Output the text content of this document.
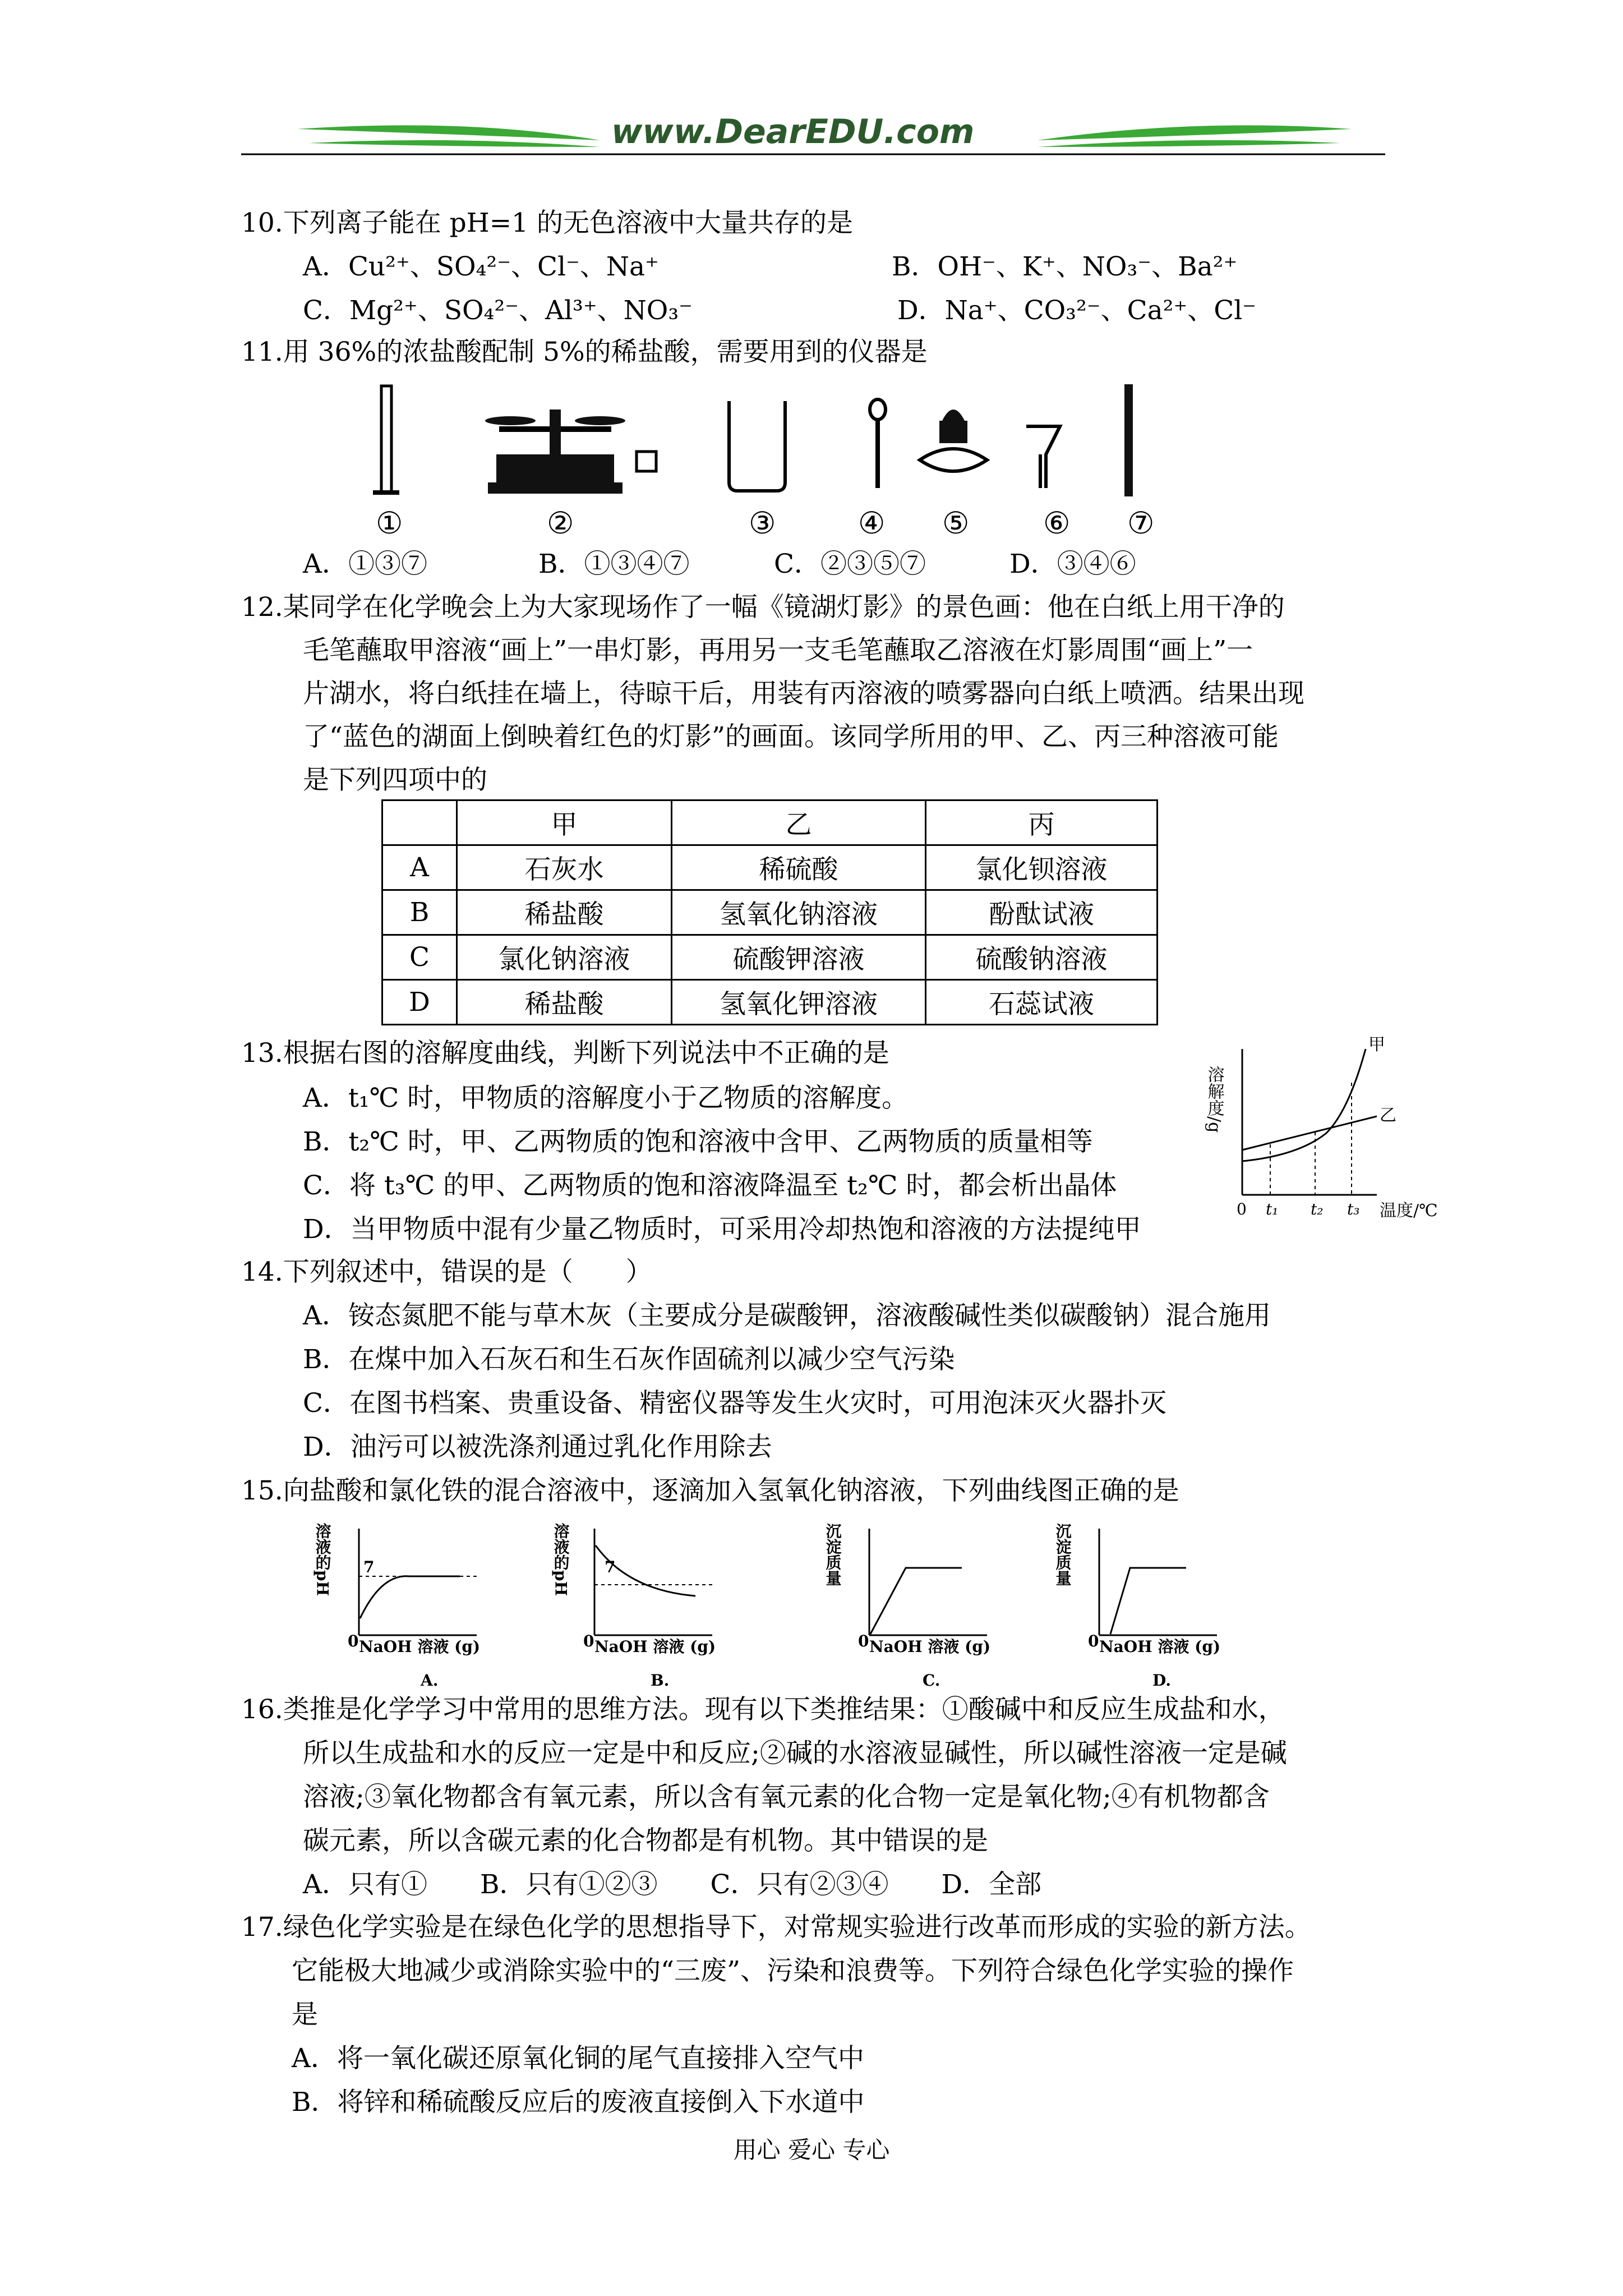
www.DearEDU.com
10.下列离子能在 pH=1 的无色溶液中大量共存的是
A．Cu²⁺、SO₄²⁻、Cl⁻、Na⁺	B．OH⁻、K⁺、NO₃⁻、Ba²⁺
C．Mg²⁺、SO₄²⁻、Al³⁺、NO₃⁻	D．Na⁺、CO₃²⁻、Ca²⁺、Cl⁻
11.用 36%的浓盐酸配制 5%的稀盐酸，需要用到的仪器是
①	②	③	④ ⑤ ⑥ ⑦
A．①③⑦	B．①③④⑦	C．②③⑤⑦	D．③④⑥
12.某同学在化学晚会上为大家现场作了一幅《镜湖灯影》的景色画：他在白纸上用干净的
毛笔蘸取甲溶液“画上”一串灯影，再用另一支毛笔蘸取乙溶液在灯影周围“画上”一
片湖水，将白纸挂在墙上，待晾干后，用装有丙溶液的喷雾器向白纸上喷洒。结果出现
了“蓝色的湖面上倒映着红色的灯影”的画面。该同学所用的甲、乙、丙三种溶液可能
是下列四项中的
	甲	乙	丙
A	石灰水	稀硫酸	氯化钡溶液
B	稀盐酸	氢氧化钠溶液	酚酞试液
C	氯化钠溶液	硫酸钾溶液	硫酸钠溶液
D	稀盐酸	氢氧化钾溶液	石蕊试液
13.根据右图的溶解度曲线，判断下列说法中不正确的是
A．t₁℃ 时，甲物质的溶解度小于乙物质的溶解度。
B．t₂℃ 时，甲、乙两物质的饱和溶液中含甲、乙两物质的质量相等
C．将 t₃℃ 的甲、乙两物质的饱和溶液降温至 t₂℃ 时，都会析出晶体
D．当甲物质中混有少量乙物质时，可采用冷却热饱和溶液的方法提纯甲
溶解度/g
0 t₁ t₂ t₃ 温度/℃
甲
乙
14.下列叙述中，错误的是（　　）
A．铵态氮肥不能与草木灰（主要成分是碳酸钾，溶液酸碱性类似碳酸钠）混合施用
B．在煤中加入石灰石和生石灰作固硫剂以减少空气污染
C．在图书档案、贵重设备、精密仪器等发生火灾时，可用泡沫灭火器扑灭
D．油污可以被洗涤剂通过乳化作用除去
15.向盐酸和氯化铁的混合溶液中，逐滴加入氢氧化钠溶液，下列曲线图正确的是
溶液的pH 7
0 NaOH 溶液 (g)
A.
溶液的pH 7
0 NaOH 溶液 (g)
B.
沉淀质量
0 NaOH 溶液 (g)
C.
沉淀质量
0 NaOH 溶液 (g)
D.
16.类推是化学学习中常用的思维方法。现有以下类推结果：①酸碱中和反应生成盐和水，
所以生成盐和水的反应一定是中和反应;②碱的水溶液显碱性，所以碱性溶液一定是碱
溶液;③氧化物都含有氧元素，所以含有氧元素的化合物一定是氧化物;④有机物都含
碳元素，所以含碳元素的化合物都是有机物。其中错误的是
A．只有①　　B．只有①②③　　C．只有②③④　　D．全部
17.绿色化学实验是在绿色化学的思想指导下，对常规实验进行改革而形成的实验的新方法。
它能极大地减少或消除实验中的“三废”、污染和浪费等。下列符合绿色化学实验的操作
是
A．将一氧化碳还原氧化铜的尾气直接排入空气中
B．将锌和稀硫酸反应后的废液直接倒入下水道中
用心 爱心 专心
